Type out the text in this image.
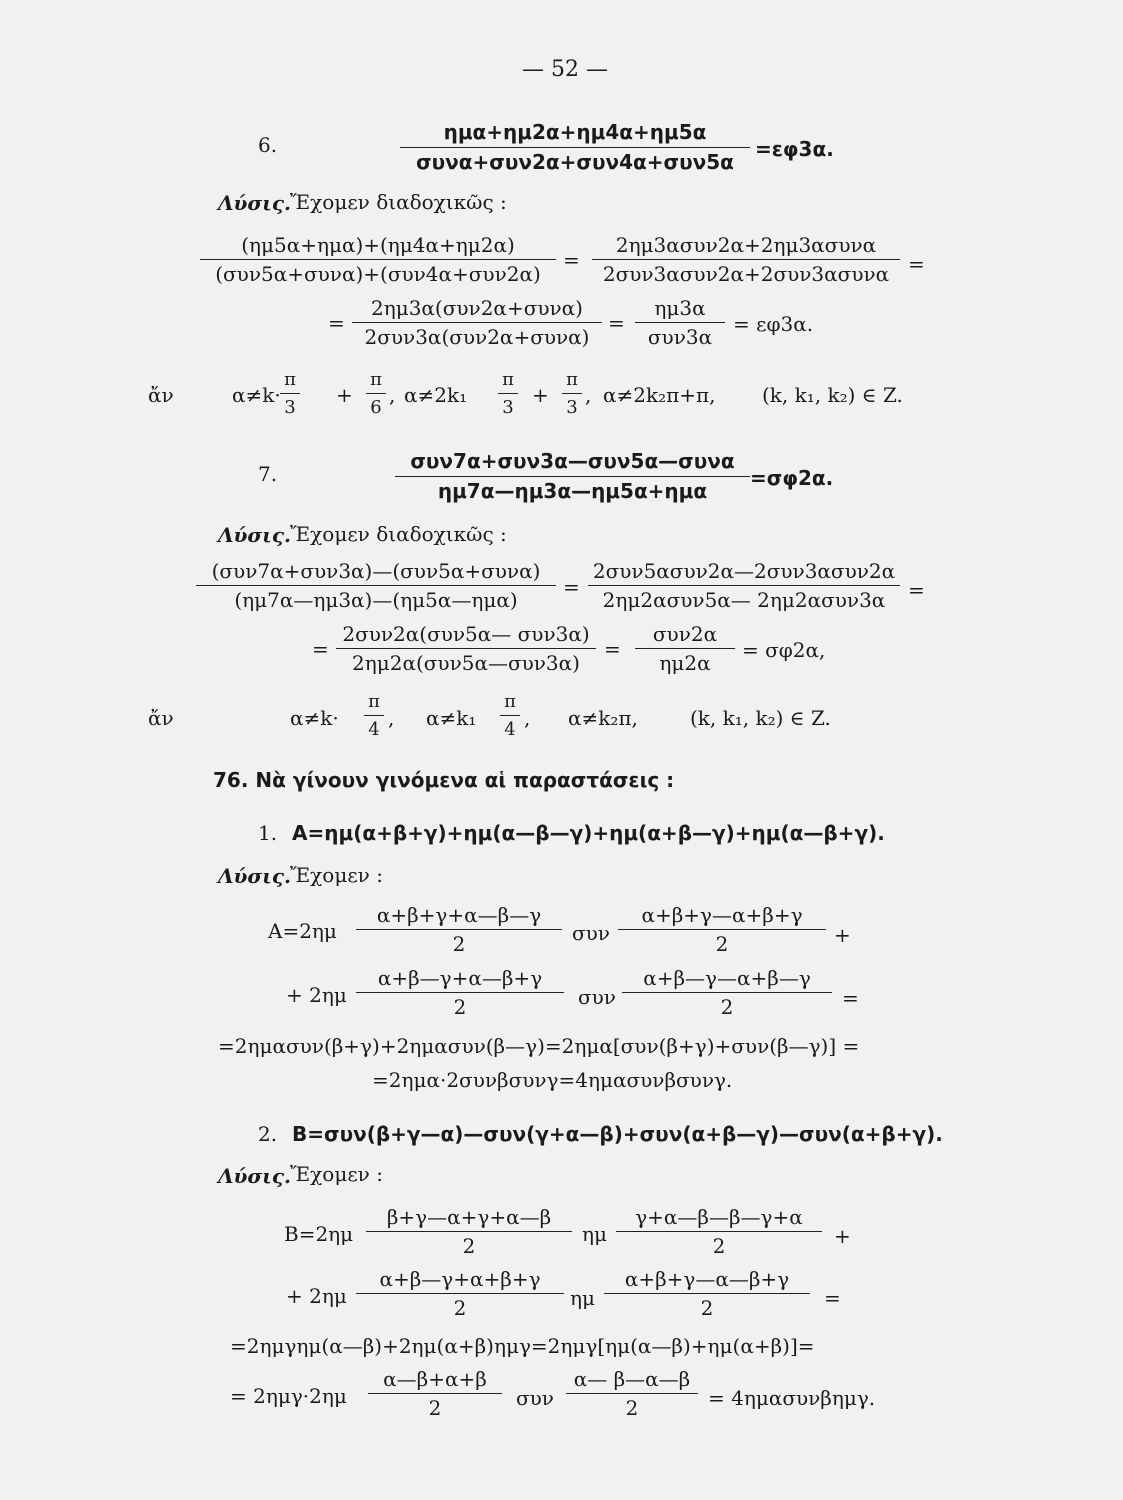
— 52 —
6.
ημα+ημ2α+ημ4α+ημ5α
συνα+συν2α+συν4α+συν5α
=εφ3α.
Λύσις. Ἔχομεν διαδοχικῶς :
(ημ5α+ημα)+(ημ4α+ημ2α)
(συν5α+συνα)+(συν4α+συν2α)
=
2ημ3ασυν2α+2ημ3ασυνα
2συν3ασυν2α+2συν3ασυνα =
=
2ημ3α(συν2α+συνα)
2συν3α(συν2α+συνα)
=
ημ3α
συν3α
= εφ3α.
ἄν	α≠k·
π
3
+
π
6
, α≠2k₁
π
3
+
π
3
, α≠2k₂π+π, (k, k₁, k₂) ∈ Z.
7.
συν7α+συν3α—συν5α—συνα
ημ7α—ημ3α—ημ5α+ημα
=σφ2α.
Λύσις. Ἔχομεν διαδοχικῶς :
(συν7α+συν3α)—(συν5α+συνα)
(ημ7α—ημ3α)—(ημ5α—ημα)
=
2συν5ασυν2α—2συν3ασυν2α
2ημ2ασυν5α— 2ημ2ασυν3α	=
=
2συν2α(συν5α— συν3α)
2ημ2α(συν5α—συν3α)
=
συν2α
ημ2α
= σφ2α,
ἄν	α≠k·
π
4 , α≠k₁
π
4 , α≠k₂π,	(k, k₁, k₂) ∈ Z.
76. Νὰ γίνουν γινόμενα αἱ παραστάσεις :
1. A=ημ(α+β+γ)+ημ(α—β—γ)+ημ(α+β—γ)+ημ(α—β+γ).
Λύσις. Ἔχομεν :
A=2ημ
α+β+γ+α—β—γ
2	συν
α+β+γ—α+β+γ
2	+
+ 2ημ
α+β—γ+α—β+γ
2	συν
α+β—γ—α+β—γ
2	=
=2ημασυν(β+γ)+2ημασυν(β—γ)=2ημα[συν(β+γ)+συν(β—γ)] =
=2ημα·2συνβσυνγ=4ημασυνβσυνγ.
2. B=συν(β+γ—α)—συν(γ+α—β)+συν(α+β—γ)—συν(α+β+γ).
Λύσις. Ἔχομεν :
B=2ημ
β+γ—α+γ+α—β
2	ημ
γ+α—β—β—γ+α
2	+
+ 2ημ
α+β—γ+α+β+γ
2	ημ
α+β+γ—α—β+γ
2	=
=2ημγημ(α—β)+2ημ(α+β)ημγ=2ημγ[ημ(α—β)+ημ(α+β)]=
= 2ημγ·2ημ
α—β+α+β
2	συν
α— β—α—β
2	= 4ημασυνβημγ.
